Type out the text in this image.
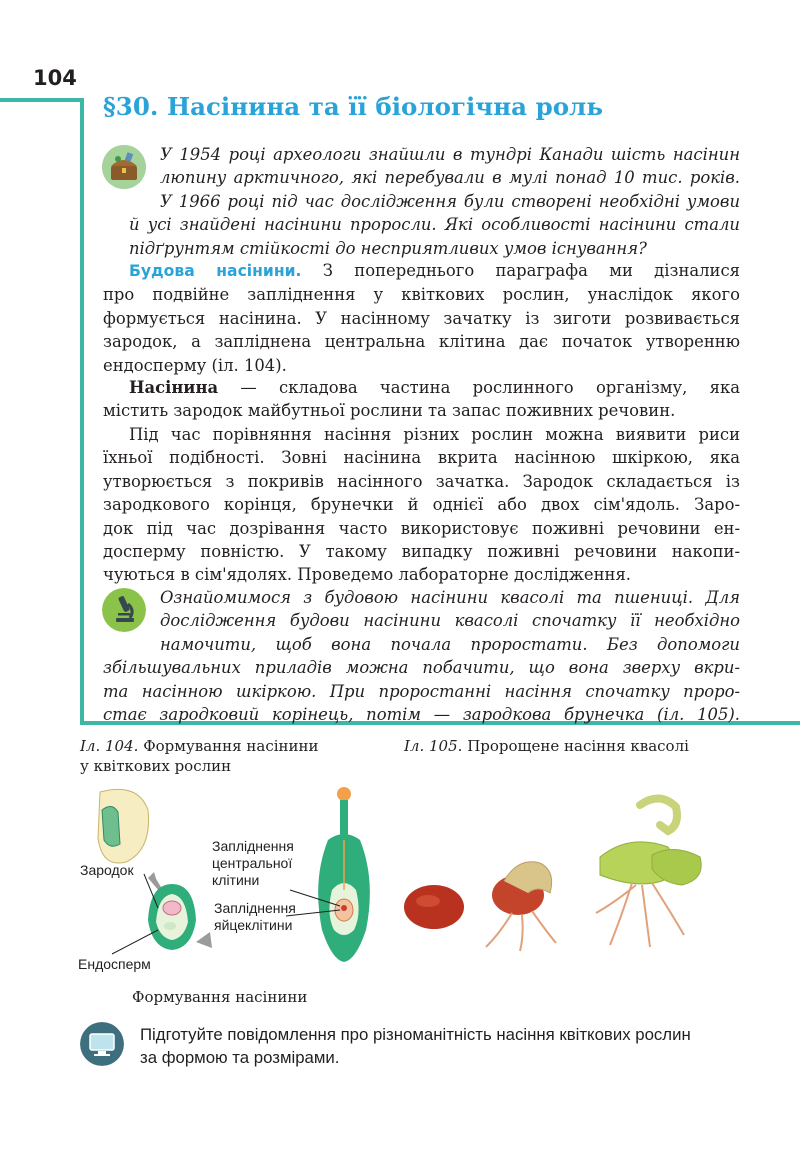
104
§30. Насінина та її біологічна роль
У 1954 році археологи знайшли в тундрі Канади шість насінин
люпину арктичного, які перебували в мулі понад 10 тис. років.
У 1966 році під час дослідження були створені необхідні умови
й усі знайдені насінини проросли. Які особливості насінини стали
підґрунтям стійкості до несприятливих умов існування?
Будова насінини. З попереднього параграфа ми дізналися
про подвійне запліднення у квіткових рослин, унаслідок якого
формується насінина. У насінному зачатку із зиготи розвивається
зародок, а запліднена центральна клітина дає початок утворенню
ендосперму (іл. 104).
Насінина — складова частина рослинного організму, яка
містить зародок майбутньої рослини та запас поживних речовин.
Під час порівняння насіння різних рослин можна виявити риси
їхньої подібності. Зовні насінина вкрита насінною шкіркою, яка
утворюється з покривів насінного зачатка. Зародок складається із
зародкового корінця, брунечки й однієї або двох сім'ядоль. Заро-
док під час дозрівання часто використовує поживні речовини ен-
досперму повністю. У такому випадку поживні речовини накопи-
чуються в сім'ядолях. Проведемо лабораторне дослідження.
Ознайомимося з будовою насінини квасолі та пшениці. Для
дослідження будови насінини квасолі спочатку її необхідно
намочити, щоб вона почала проростати. Без допомоги
збільшувальних приладів можна побачити, що вона зверху вкри-
та насінною шкіркою. При проростанні насіння спочатку проро-
стає зародковий корінець, потім — зародкова брунечка (іл. 105).
Іл. 104. Формування насінини
у квіткових рослин
Іл. 105. Пророщене насіння квасолі
Зародок
Ендосперм
Запліднення
центральної
клітини
Запліднення
яйцеклітини
Формування насінини
Підготуйте повідомлення про різноманітність насіння квіткових рослин
за формою та розмірами.
